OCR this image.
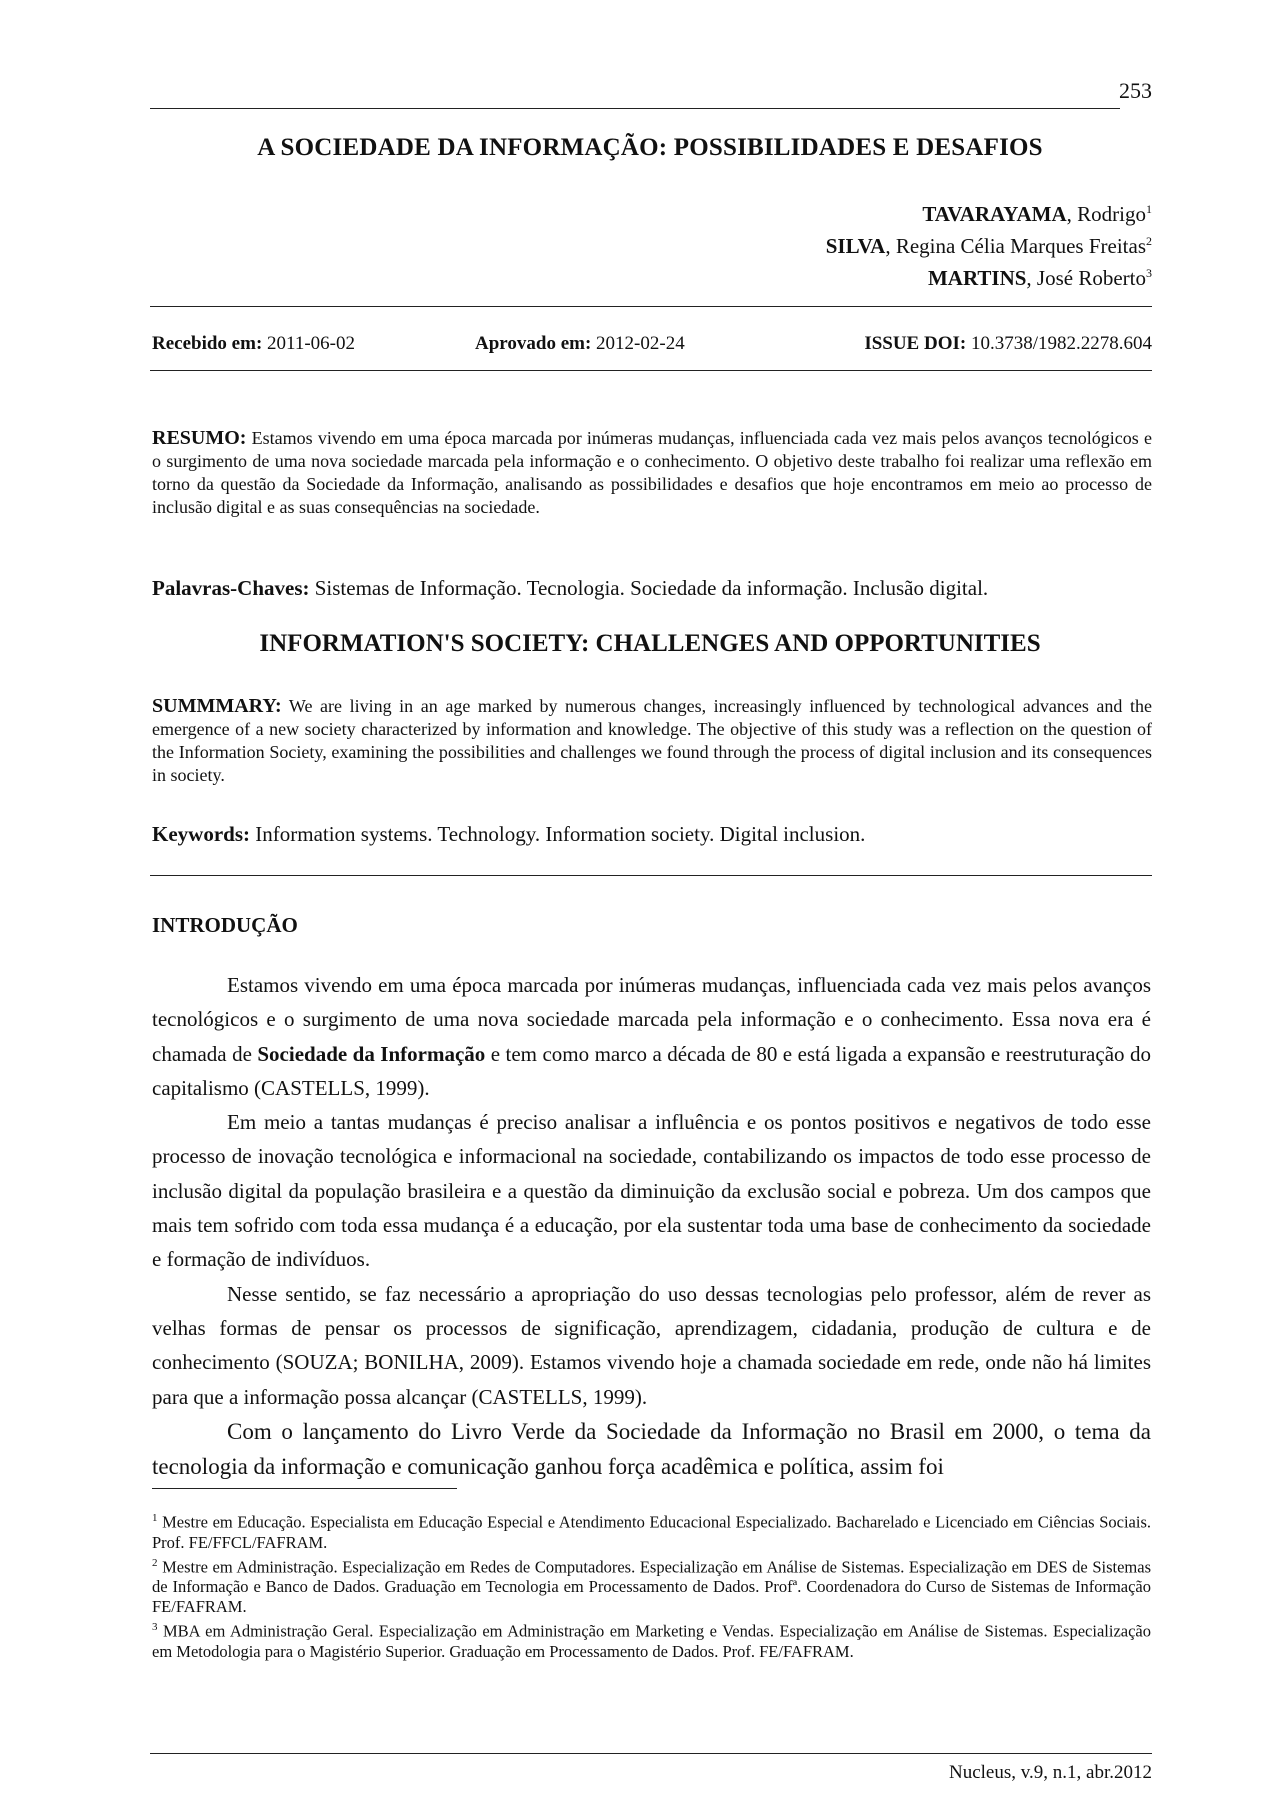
253
A SOCIEDADE DA INFORMAÇÃO: POSSIBILIDADES E DESAFIOS
TAVARAYAMA, Rodrigo$^1$
SILVA, Regina Célia Marques Freitas$^2$
MARTINS, José Roberto$^3$
Recebido em: 2011-06-02	Aprovado em: 2012-02-24	ISSUE DOI: 10.3738/1982.2278.604
RESUMO: Estamos vivendo em uma época marcada por inúmeras mudanças, influenciada cada vez mais pelos avanços tecnológicos e o surgimento de uma nova sociedade marcada pela informação e o conhecimento. O objetivo deste trabalho foi realizar uma reflexão em torno da questão da Sociedade da Informação, analisando as possibilidades e desafios que hoje encontramos em meio ao processo de inclusão digital e as suas consequências na sociedade.
Palavras-Chaves: Sistemas de Informação. Tecnologia. Sociedade da informação. Inclusão digital.
INFORMATION'S SOCIETY: CHALLENGES AND OPPORTUNITIES
SUMMMARY: We are living in an age marked by numerous changes, increasingly influenced by technological advances and the emergence of a new society characterized by information and knowledge. The objective of this study was a reflection on the question of the Information Society, examining the possibilities and challenges we found through the process of digital inclusion and its consequences in society.
Keywords: Information systems. Technology. Information society. Digital inclusion.
INTRODUÇÃO

Estamos vivendo em uma época marcada por inúmeras mudanças, influenciada cada vez mais pelos avanços tecnológicos e o surgimento de uma nova sociedade marcada pela informação e o conhecimento. Essa nova era é chamada de Sociedade da Informação e tem como marco a década de 80 e está ligada a expansão e reestruturação do capitalismo (CASTELLS, 1999).

Em meio a tantas mudanças é preciso analisar a influência e os pontos positivos e negativos de todo esse processo de inovação tecnológica e informacional na sociedade, contabilizando os impactos de todo esse processo de inclusão digital da população brasileira e a questão da diminuição da exclusão social e pobreza. Um dos campos que mais tem sofrido com toda essa mudança é a educação, por ela sustentar toda uma base de conhecimento da sociedade e formação de indivíduos.

Nesse sentido, se faz necessário a apropriação do uso dessas tecnologias pelo professor, além de rever as velhas formas de pensar os processos de significação, aprendizagem, cidadania, produção de cultura e de conhecimento (SOUZA; BONILHA, 2009). Estamos vivendo hoje a chamada sociedade em rede, onde não há limites para que a informação possa alcançar (CASTELLS, 1999).

Com o lançamento do Livro Verde da Sociedade da Informação no Brasil em 2000, o tema da tecnologia da informação e comunicação ganhou força acadêmica e política, assim foi

$^1$ Mestre em Educação. Especialista em Educação Especial e Atendimento Educacional Especializado. Bacharelado e Licenciado em Ciências Sociais. Prof. FE/FFCL/FAFRAM.

$^2$ Mestre em Administração. Especialização em Redes de Computadores. Especialização em Análise de Sistemas. Especialização em DES de Sistemas de Informação e Banco de Dados. Graduação em Tecnologia em Processamento de Dados. Profª. Coordenadora do Curso de Sistemas de Informação FE/FAFRAM.

$^3$ MBA em Administração Geral. Especialização em Administração em Marketing e Vendas. Especialização em Análise de Sistemas. Especialização em Metodologia para o Magistério Superior. Graduação em Processamento de Dados. Prof. FE/FAFRAM.

Nucleus, v.9, n.1, abr.2012
